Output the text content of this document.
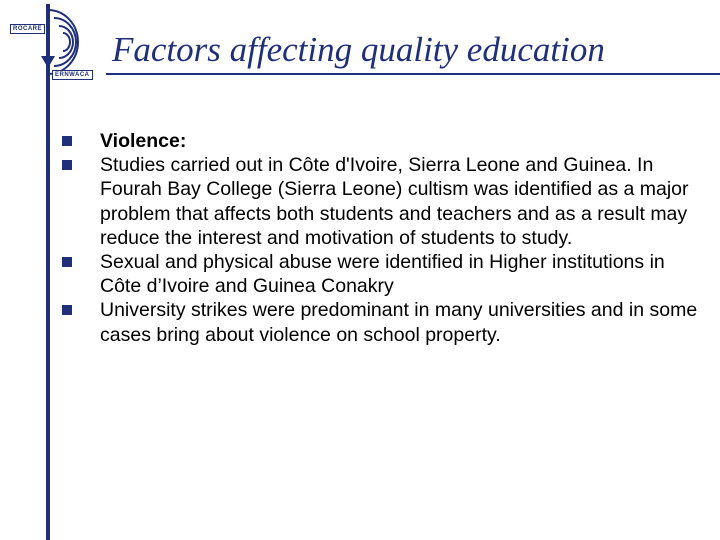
ROCARE
ERNWACA
Factors affecting quality education
Violence:
Studies carried out in Côte d'Ivoire, Sierra Leone and Guinea. In Fourah Bay College (Sierra Leone) cultism was identified as a major problem that affects both students and teachers and as a result may reduce the interest and motivation of students to study.
Sexual and physical abuse were identified in Higher institutions in Côte d’Ivoire and Guinea Conakry
University strikes were predominant in many universities and in some cases bring about violence on school property.
